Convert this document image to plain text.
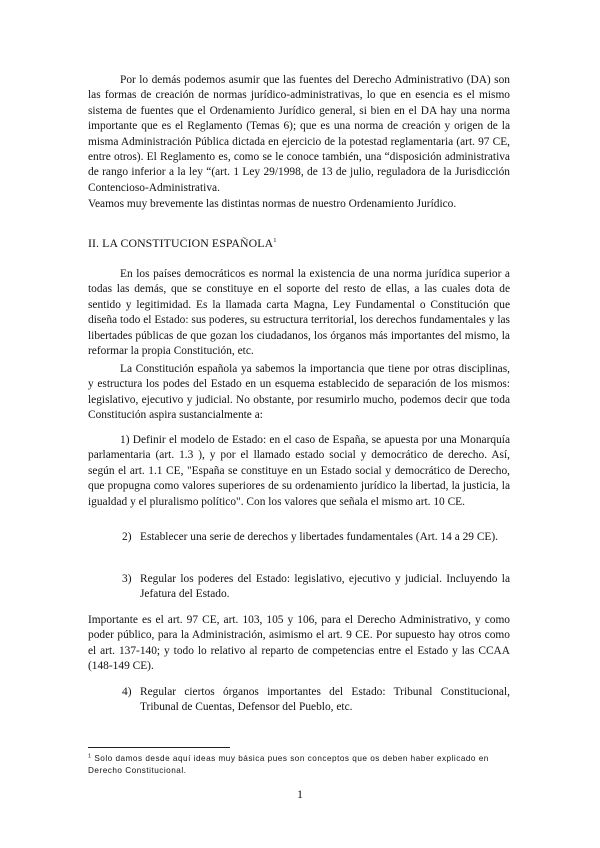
Por lo demás podemos asumir que las fuentes del Derecho Administrativo (DA) son las formas de creación de normas jurídico-administrativas, lo que en esencia es el mismo sistema de fuentes que el Ordenamiento Jurídico general, si bien en el DA hay una norma importante que es el Reglamento (Temas 6); que es una norma de creación y origen de la misma Administración Pública dictada en ejercicio de la potestad reglamentaria (art. 97 CE, entre otros). El Reglamento es, como se le conoce también, una “disposición administrativa de rango inferior a la ley “(art. 1 Ley 29/1998, de 13 de julio, reguladora de la Jurisdicción Contencioso-Administrativa.

Veamos muy brevemente las distintas normas de nuestro Ordenamiento Jurídico.

II. LA CONSTITUCION ESPAÑOLA$^1$

En los países democráticos es normal la existencia de una norma jurídica superior a todas las demás, que se constituye en el soporte del resto de ellas, a las cuales dota de sentido y legitimidad. Es la llamada carta Magna, Ley Fundamental o Constitución que diseña todo el Estado: sus poderes, su estructura territorial, los derechos fundamentales y las libertades públicas de que gozan los ciudadanos, los órganos más importantes del mismo, la reformar la propia Constitución, etc.

La Constitución española ya sabemos la importancia que tiene por otras disciplinas, y estructura los podes del Estado en un esquema establecido de separación de los mismos: legislativo, ejecutivo y judicial. No obstante, por resumirlo mucho, podemos decir que toda Constitución aspira sustancialmente a:

1) Definir el modelo de Estado: en el caso de España, se apuesta por una Monarquía parlamentaria (art. 1.3 ), y por el llamado estado social y democrático de derecho. Así, según el art. 1.1 CE, "España se constituye en un Estado social y democrático de Derecho, que propugna como valores superiores de su ordenamiento jurídico la libertad, la justicia, la igualdad y el pluralismo político". Con los valores que señala el mismo art. 10 CE.

2) Establecer una serie de derechos y libertades fundamentales (Art. 14 a 29 CE).

3) Regular los poderes del Estado: legislativo, ejecutivo y judicial. Incluyendo la Jefatura del Estado.

Importante es el art. 97 CE, art. 103, 105 y 106, para el Derecho Administrativo, y como poder público, para la Administración, asimismo el art. 9 CE. Por supuesto hay otros como el art. 137-140; y todo lo relativo al reparto de competencias entre el Estado y las CCAA (148-149 CE).

4) Regular ciertos órganos importantes del Estado: Tribunal Constitucional, Tribunal de Cuentas, Defensor del Pueblo, etc.

$^1$ Solo damos desde aquí ideas muy básica pues son conceptos que os deben haber explicado en Derecho Constitucional.

1
